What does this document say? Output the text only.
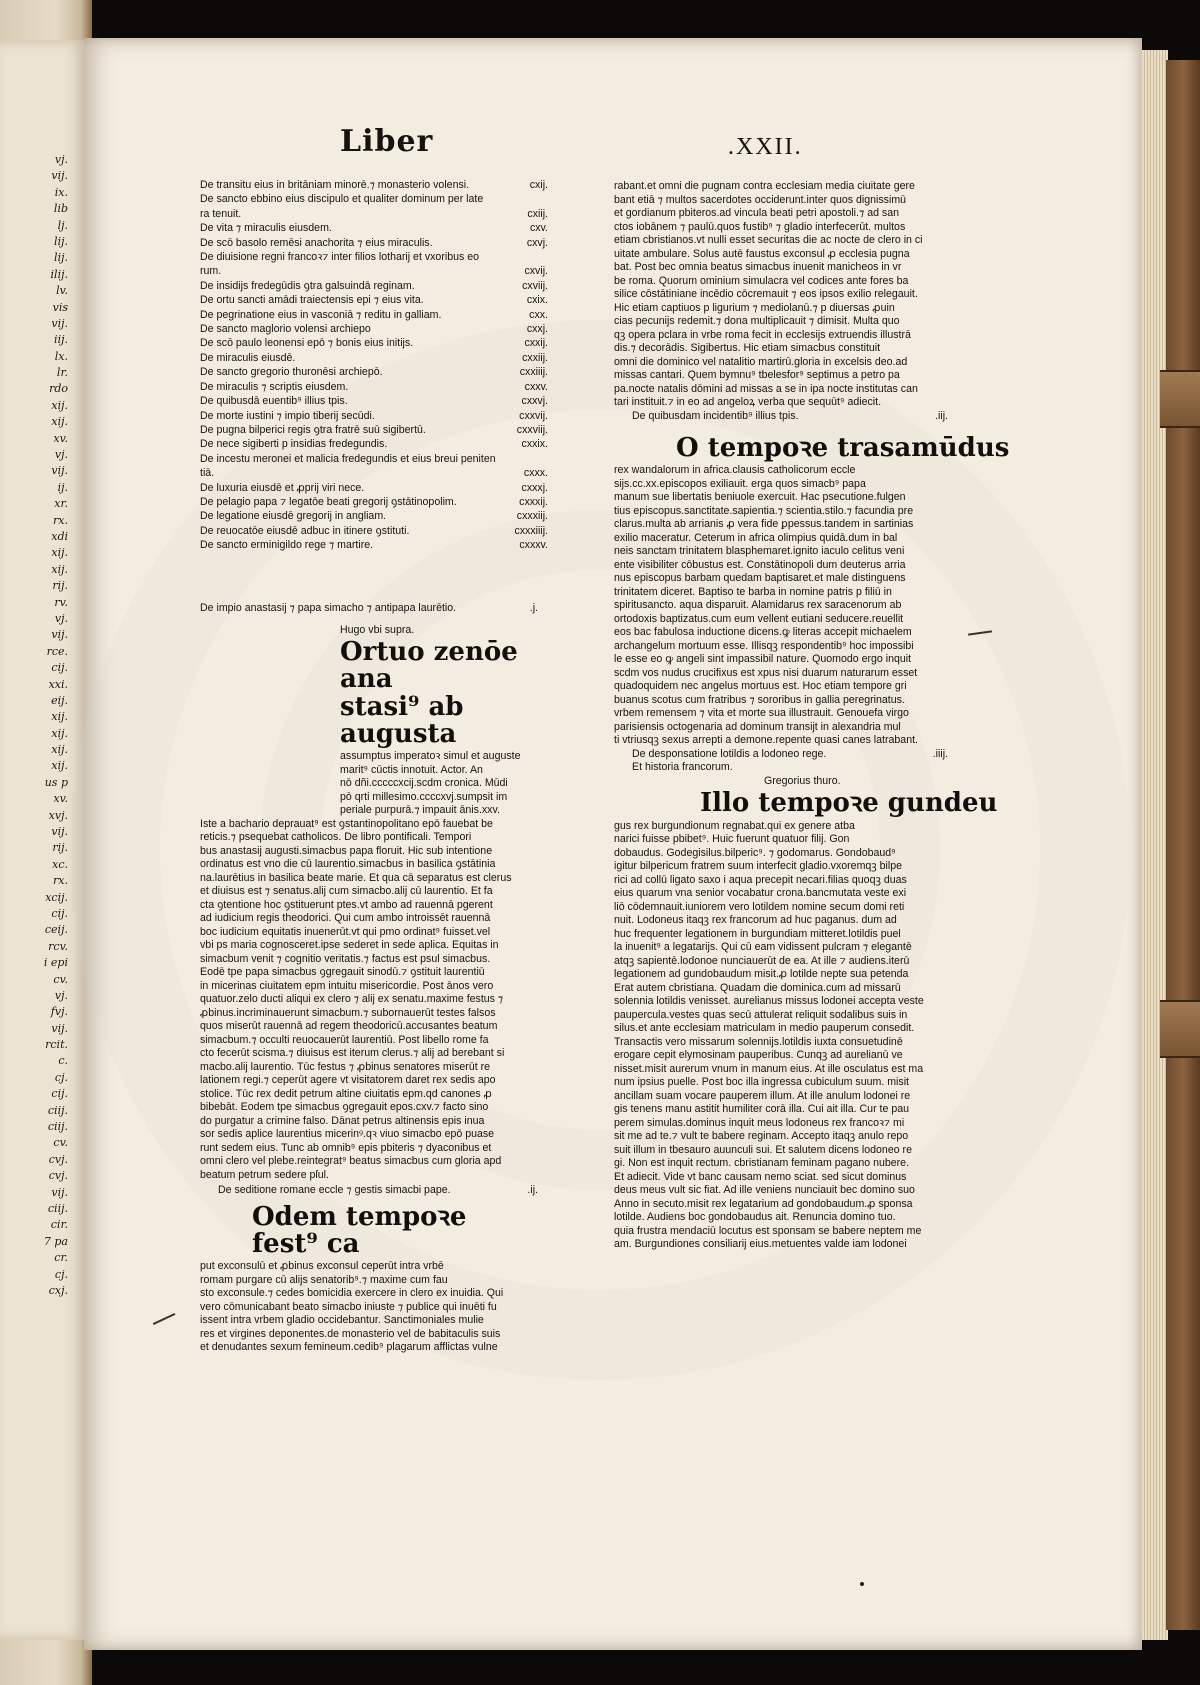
vj.
vij.
ix.
lib
lj.
lij.
lij.
ilij.
lv.
vis
vij.
iij.
lx.
lr.
rdo
xij.
xij.
xv.
vj.
vij.
ij.
xr.
rx.
xdi
xij.
xij.
rij.
rv.
vj.
vij.
rce.
cij.
xxi.
eij.
xij.
xij.
xij.
xij.
us p
xv.
xvj.
vij.
rij.
xc.
rx.
xcij.
cij.
ceij.
rcv.
i epi
cv.
vj.
fvj.
vij.
rcit.
c.
cj.
cij.
ciij.
ciij.
cv.
cvj.
cvj.
vij.
ciij.
cir.
7 pa
cr.
cj.
cxj.
Liber	.XXII.
De transitu eius in britāniam minorē.⁊ monasterio volensi.	cxij.
De sancto ebbino eius discipulo et qualiter dominum per late
ra tenuit.	cxiij.
De vita ⁊ miraculis eiusdem.	cxv.
De scō basolo remēsi anachorita ⁊ eius miraculis.	cxvj.
De diuisione regni francoꝛ⁊ inter filios lotharij et vxoribus eo
rum.	cxvij.
De insidijs fredegūdis ꝯtra galsuindā reginam.	cxviij.
De ortu sancti amādi traiectensis epi ⁊ eius vita.	cxix.
De pegrinatione eius in vasconiā ⁊ reditu in galliam.	cxx.
De sancto maglorio volensi archiepo	cxxj.
De scō paulo leonensi epō ⁊ bonis eius initijs.	cxxij.
De miraculis eiusdē.	cxxiij.
De sancto gregorio thuronēsi archiepō.	cxxiiij.
De miraculis ⁊ scriptis eiusdem.	cxxv.
De quibusdā euentib⁹ illius tpis.	cxxvj.
De morte iustini ⁊ impio tiberij secūdi.	cxxvij.
De pugna bilperici regis ꝯtra fratrē suū sigibertū.	cxxviij.
De nece sigiberti p insidias fredegundis.	cxxix.
De incestu meronei et malicia fredegundis et eius breui peniten
tiā.	cxxx.
De luxuria eiusdē et ꝓprij viri nece.	cxxxj.
De pelagio papa ⁊ legatōe beati gregorij ꝯstātinopolim.	cxxxij.
De legatione eiusdē gregorij in angliam.	cxxxiij.
De reuocatōe eiusdē adbuc in itinere ꝯstituti.	cxxxiiij.
De sancto erminigildo rege ⁊ martire.	cxxxv.
De impio anastasij ⁊ papa simacho ⁊ antipapa laurētio.	.j.
Hugo vbi supra.
Ortuo zenōe ana
stasi⁹ ab augusta

assumptus imperatoꝛ simul et auguste

marit⁹ cūctis innotuit. Actor. An

nō dñi.cccccxcij.scdm cronica. Mūdi

pō qrti millesimo.ccccxvj.sumpsit im

periale purpurā.⁊ impauit ānis.xxv.

Iste a bachario deprauat⁹ est ꝯstantinopolitano epō fauebat be

reticis.⁊ psequebat catholicos. De libro pontificali. Tempori

bus anastasij augusti.simacbus papa floruit. Hic sub intentione

ordinatus est vno die cū laurentio.simacbus in basilica ꝯstātinia

na.laurētius in basilica beate marie. Et qua cā separatus est clerus

et diuisus est ⁊ senatus.alij cum simacbo.alij cū laurentio. Et fa

cta ꝯtentione hoc ꝯstituerunt ptes.vt ambo ad rauennā pgerent

ad iudicium regis theodorici. Qui cum ambo introissēt rauennā

boc iudicium equitatis inuenerūt.vt qui pmo ordinat⁹ fuisset.vel

vbi ps maria cognosceret.ipse sederet in sede aplica. Equitas in

simacbum venit ⁊ cognitio veritatis.⁊ factus est psul simacbus.

Eodē tpe papa simacbus ꝯgregauit sinodū.⁊ ꝯstituit laurentiū

in micerinas ciuitatem epm intuitu misericordie. Post ānos vero

quatuor.zelo ducti aliqui ex clero ⁊ alij ex senatu.maxime festus ⁊

ꝓbinus.incriminauerunt simacbum.⁊ subornauerūt testes falsos

quos miserūt rauennā ad regem theodoricū.accusantes beatum

simacbum.⁊ occulti reuocauerūt laurentiū. Post libello rome fa

cto fecerūt scisma.⁊ diuisus est iterum clerus.⁊ alij ad berebant si

macbo.alij laurentio. Tūc festus ⁊ ꝓbinus senatores miserūt re

lationem regi.⁊ ceperūt agere vt visitatorem daret rex sedis apo

stolice. Tūc rex dedit petrum altine ciuitatis epm.qd canones ꝓ

bibebāt. Eodem tpe simacbus ꝯgregauit epos.cxv.⁊ facto sino

do purgatur a crimine falso. Dānat petrus altinensis epis inua

sor sedis aplice laurentius micerinꝰ.qꝛ viuo simacbo epō puase

runt sedem eius. Tunc ab omnib⁹ epis pbiteris ⁊ dyaconibus et

omni clero vel plebe.reintegrat⁹ beatus simacbus cum gloria apd

beatum petrum sedere pſul.

De seditione romane eccle ⁊ gestis simacbi pape.	.ij.
Odem tempoꝛe fest⁹ ca

put exconsulū et ꝓbinus exconsul ceperūt intra vrbē

romam purgare cū alijs senatorib⁹.⁊ maxime cum fau

sto exconsule.⁊ cedes bomicidia exercere in clero ex inuidia. Qui

vero cōmunicabant beato simacbo iniuste ⁊ publice qui inuēti fu

issent intra vrbem gladio occidebantur. Sanctimoniales mulie

res et virgines deponentes.de monasterio vel de babitaculis suis

et denudantes sexum femineum.cedib⁹ plagarum afflictas vulne

rabant.et omni die pugnam contra ecclesiam media ciuitate gere

bant etiā ⁊ multos sacerdotes occiderunt.inter quos dignissimū

et gordianum pbiteros.ad vincula beati petri apostoli.⁊ ad san

ctos iobānem ⁊ paulū.quos fustib⁹ ⁊ gladio interfecerūt. multos

etiam cbristianos.vt nulli esset securitas die ac nocte de clero in ci

uitate ambulare. Solus autē faustus exconsul ꝓ ecclesia pugna

bat. Post bec omnia beatus simacbus inuenit manicheos in vr

be roma. Quorum ominium simulacra vel codices ante fores ba

silice cōstātiniane incēdio cōcremauit ⁊ eos ipsos exilio relegauit.

Hic etiam captiuos p ligurium ⁊ mediolanū.⁊ p diuersas ꝓuin

cias pecunijs redemit.⁊ dona multiplicauit ⁊ dimisit. Multa quo

qꝫ opera pclara in vrbe roma fecit in ecclesijs extruendis illustrā

dis.⁊ decorādis. Sigibertus. Hic etiam simacbus constituit

omni die dominico vel natalitio martirū.gloria in excelsis deo.ad

missas cantari. Quem bymnu⁹ tbelesfor⁹ septimus a petro pa

pa.nocte natalis dōmini ad missas a se in ipa nocte institutas can

tari instituit.⁊ in eo ad angeloꝝ verba que sequūt⁹ adiecit.

De quibusdam incidentib⁹ illius tpis.	.iij.
O tempoꝛe trasamūdus

rex wandalorum in africa.clausis catholicorum eccle

sijs.cc.xx.episcopos exiliauit. erga quos simacb⁹ papa

manum sue libertatis beniuole exercuit. Hac psecutione.fulgen

tius episcopus.sanctitate.sapientia.⁊ scientia.stilo.⁊ facundia pre

clarus.multa ab arrianis ꝓ vera fide ꝑpessus.tandem in sartinias

exilio maceratur. Ceterum in africa olimpius quidā.dum in bal

neis sanctam trinitatem blasphemaret.ignito iaculo celitus veni

ente visibiliter cōbustus est. Constātinopoli dum deuterus arria

nus episcopus barbam quedam baptisaret.et male distinguens

trinitatem diceret. Baptiso te barba in nomine patris p filiū in

spiritusancto. aqua disparuit. Alamidarus rex saracenorum ab

ortodoxis baptizatus.cum eum vellent eutiani seducere.reuellit

eos bac fabulosa inductione dicens.ꝙ literas accepit michaelem

archangelum mortuum esse. Illisqꝫ respondentib⁹ hoc impossibi

le esse eo ꝙ angeli sint impassibil nature. Quomodo ergo inquit

scdm vos nudus crucifixus est xpus nisi duarum naturarum esset

quadoquidem nec angelus mortuus est. Hoc etiam tempore gri

buanus scotus cum fratribus ⁊ sororibus in gallia peregrinatus.

vrbem remensem ⁊ vita et morte sua illustrauit. Genouefa virgo

parisiensis octogenaria ad dominum transijt in alexandria mul

ti vtriusqꝫ sexus arrepti a demone.repente quasi canes latrabant.

De desponsatione lotildis a lodoneo rege.	.iiij.
Et historia francorum.
Gregorius thuro.
Illo tempoꝛe gundeu

gus rex burgundionum regnabat.qui ex genere atba

narici fuisse pbibet⁹. Huic fuerunt quatuor filij. Gon

dobaudus. Godegisilus.bilperic⁹. ⁊ godomarus. Gondobaud⁹

igitur bilpericum fratrem suum interfecit gladio.vxoremqꝫ bilpe

rici ad collū ligato saxo i aqua precepit necari.filias quoqꝫ duas

eius quarum vna senior vocabatur crona.bancmutata veste exi

liō cōdemnauit.iuniorem vero lotildem nomine secum domi reti

nuit. Lodoneus itaqꝫ rex francorum ad huc paganus. dum ad

huc frequenter legationem in burgundiam mitteret.lotildis puel

la inuenit⁹ a legatarijs. Qui cū eam vidissent pulcram ⁊ elegantē

atqꝫ sapientē.lodonoe nunciauerūt de ea. At ille ⁊ audiens.iterū

legationem ad gundobaudum misit.ꝓ lotilde nepte sua petenda

Erat autem cbristiana. Quadam die dominica.cum ad missarū

solennia lotildis venisset. aurelianus missus lodonei accepta veste

paupercula.vestes quas secū attulerat reliquit sodalibus suis in

silus.et ante ecclesiam matriculam in medio pauperum consedit.

Transactis vero missarum solennijs.lotildis iuxta consuetudinē

erogare cepit elymosinam pauperibus. Cunqꝫ ad aurelianū ve

nisset.misit aurerum vnum in manum eius. At ille osculatus est ma

num ipsius puelle. Post boc illa ingressa cubiculum suum. misit

ancillam suam vocare pauperem illum. At ille anulum lodonei re

gis tenens manu astitit humiliter corā illa. Cui ait illa. Cur te pau

perem simulas.dominus inquit meus lodoneus rex francoꝛ⁊ mi

sit me ad te.⁊ vult te babere reginam. Accepto itaqꝫ anulo repo

suit illum in tbesauro auunculi sui. Et salutem dicens lodoneo re

gi. Non est inquit rectum. cbristianam feminam pagano nubere.

Et adiecit. Vide vt banc causam nemo sciat. sed sicut dominus

deus meus vult sic fiat. Ad ille veniens nunciauit bec domino suo

Anno in secuto.misit rex legatarium ad gondobaudum.ꝓ sponsa

lotilde. Audiens boc gondobaudus ait. Renuncia domino tuo.

quia frustra mendaciū locutus est sponsam se babere neptem me

am. Burgundiones consiliarij eius.metuentes valde iam lodonei
